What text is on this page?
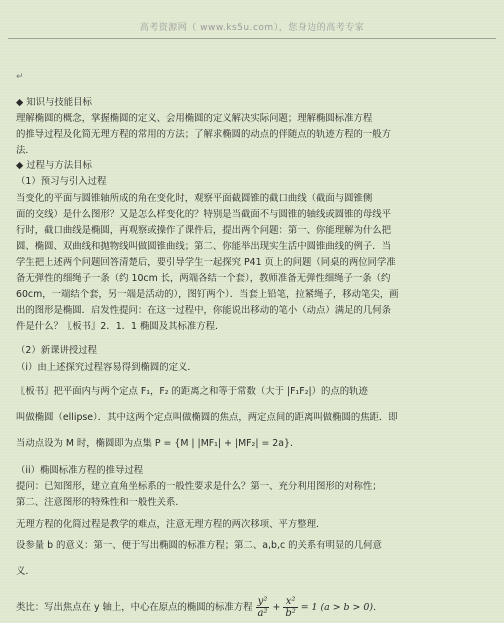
高考资源网（ www.ks5u.com），您身边的高考专家
↵
◆ 知识与技能目标
理解椭圆的概念，掌握椭圆的定义、会用椭圆的定义解决实际问题；理解椭圆标准方程
的推导过程及化简无理方程的常用的方法；了解求椭圆的动点的伴随点的轨迹方程的一般方
法．
◆ 过程与方法目标
（1）预习与引入过程
当变化的平面与圆锥轴所成的角在变化时，观察平面截圆锥的截口曲线（截面与圆锥侧
面的交线）是什么图形？又是怎么样变化的？特别是当截面不与圆锥的轴线或圆锥的母线平
行时，截口曲线是椭圆，再观察或操作了课件后，提出两个问题：第一、你能理解为什么把
圆、椭圆、双曲线和抛物线叫做圆锥曲线；第二、你能举出现实生活中圆锥曲线的例子．当
学生把上述两个问题回答清楚后，要引导学生一起探究 P41 页上的问题（同桌的两位同学准
备无弹性的细绳子一条（约 10cm 长，两端各结一个套），教师准备无弹性细绳子一条（约
60cm，一端结个套，另一端是活动的），图钉两个）．当套上铅笔，拉紧绳子，移动笔尖，画
出的图形是椭圆．启发性提问：在这一过程中，你能说出移动的笔小（动点）满足的几何条
件是什么？〖板书〗2．1．1 椭圆及其标准方程．
（2）新课讲授过程
（i）由上述探究过程容易得到椭圆的定义．
〖板书〗把平面内与两个定点 F₁，F₂ 的距离之和等于常数（大于 |F₁F₂|）的点的轨迹
叫做椭圆（ellipse）．其中这两个定点叫做椭圆的焦点，两定点间的距离叫做椭圆的焦距．即
当动点设为 M 时，椭圆即为点集 P = {M | |MF₁| + |MF₂| = 2a}．
（ii）椭圆标准方程的推导过程
提问：已知图形，建立直角坐标系的一般性要求是什么？第一、充分利用图形的对称性；
第二、注意图形的特殊性和一般性关系．
无理方程的化简过程是教学的难点，注意无理方程的两次移项、平方整理．
设参量 b 的意义：第一、便于写出椭圆的标准方程；第二、a,b,c 的关系有明显的几何意
义．
类比：写出焦点在 y 轴上，中心在原点的椭圆的标准方程 $\frac{\text{y²}}{\text{a²}} + \frac{\text{x²}}{\text{b²}} = 1$ (a > b > 0)．
